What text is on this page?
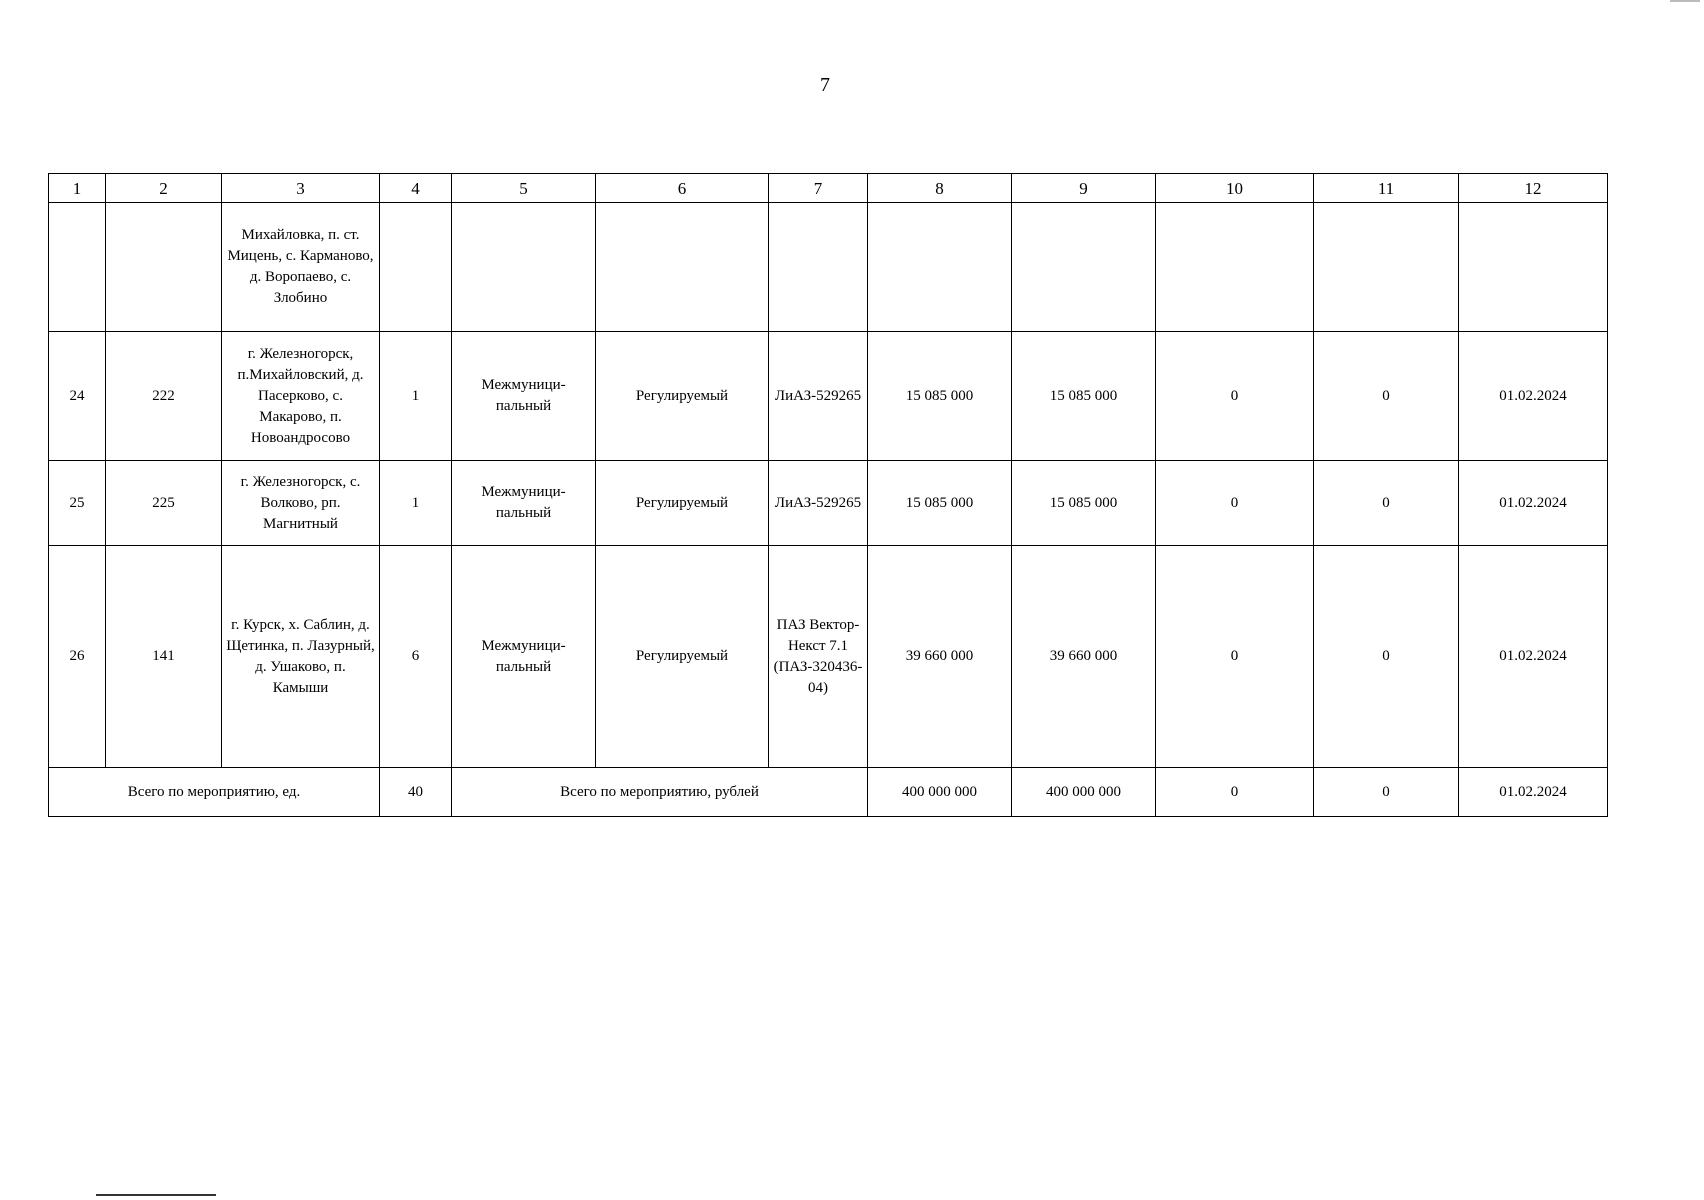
7
1	2	3	4	5	6	7	8	9	10	11	12
		Михайловка, п. ст. Мицень, с. Карманово, д. Воропаево, с. Злобино									
24	222	г. Железногорск, п.Михайловский, д. Пасерково, с. Макарово, п. Новоандросово	1	Межмуници-пальный	Регулируемый	ЛиАЗ-529265	15 085 000	15 085 000	0	0	01.02.2024
25	225	г. Железногорск, с. Волково, рп. Магнитный	1	Межмуници-пальный	Регулируемый	ЛиАЗ-529265	15 085 000	15 085 000	0	0	01.02.2024
26	141	г. Курск, х. Саблин, д. Щетинка, п. Лазурный, д. Ушаково, п. Камыши	6	Межмуници-пальный	Регулируемый	ПАЗ Вектор-Некст 7.1 (ПАЗ-320436-04)	39 660 000	39 660 000	0	0	01.02.2024
Всего по мероприятию, ед.			40	Всего по мероприятию, рублей			400 000 000	400 000 000	0	0	01.02.2024
